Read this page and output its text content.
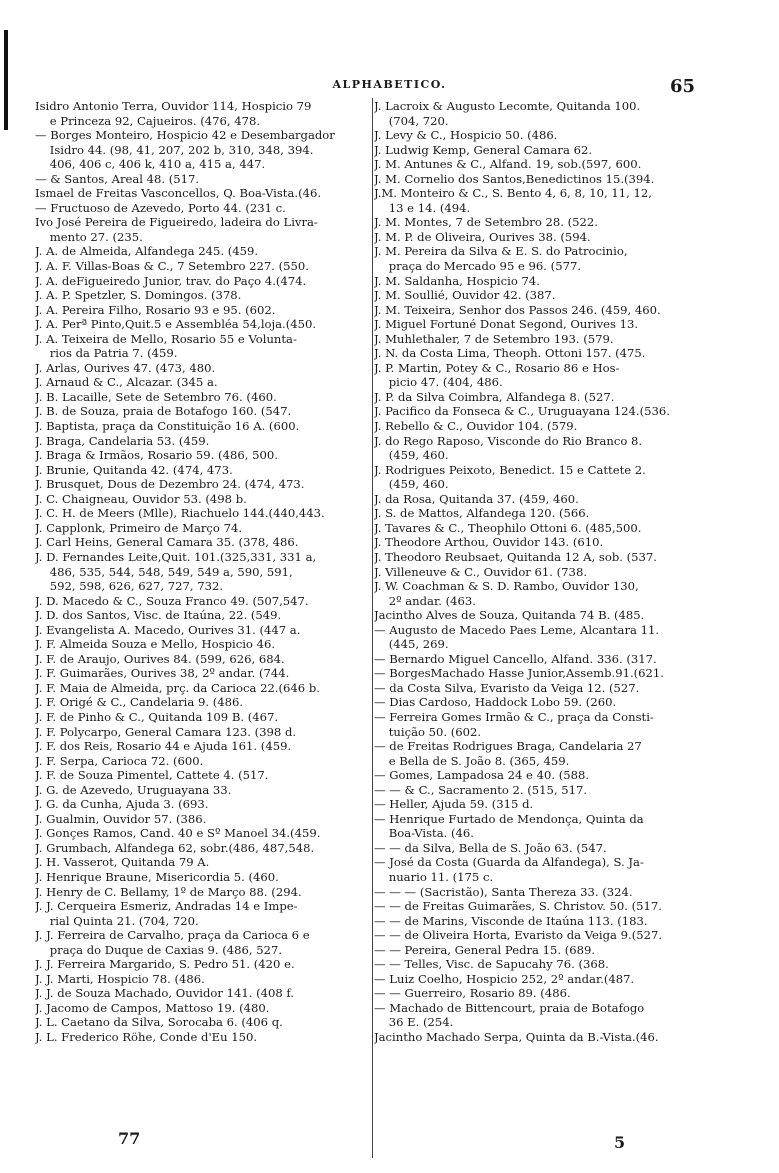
ALPHABETICO.	65
Isidro Antonio Terra, Ouvidor 114, Hospicio 79
e Princeza 92, Cajueiros. (476, 478.
— Borges Monteiro, Hospicio 42 e Desembargador
Isidro 44. (98, 41, 207, 202 b, 310, 348, 394.
406, 406 c, 406 k, 410 a, 415 a, 447.
— & Santos, Areal 48. (517.
Ismael de Freitas Vasconcellos, Q. Boa-Vista.(46.
— Fructuoso de Azevedo, Porto 44. (231 c.
Ivo José Pereira de Figueiredo, ladeira do Livra-
mento 27. (235.
J. A. de Almeida, Alfandega 245. (459.
J. A. F. Villas-Boas & C., 7 Setembro 227. (550.
J. A. deFigueiredo Junior, trav. do Paço 4.(474.
J. A. P. Spetzler, S. Domingos. (378.
J. A. Pereira Filho, Rosario 93 e 95. (602.
J. A. Perª Pinto,Quit.5 e Assembléa 54,loja.(450.
J. A. Teixeira de Mello, Rosario 55 e Volunta-
rios da Patria 7. (459.
J. Arlas, Ourives 47. (473, 480.
J. Arnaud & C., Alcazar. (345 a.
J. B. Lacaille, Sete de Setembro 76. (460.
J. B. de Souza, praia de Botafogo 160. (547.
J. Baptista, praça da Constituição 16 A. (600.
J. Braga, Candelaria 53. (459.
J. Braga & Irmãos, Rosario 59. (486, 500.
J. Brunie, Quitanda 42. (474, 473.
J. Brusquet, Dous de Dezembro 24. (474, 473.
J. C. Chaigneau, Ouvidor 53. (498 b.
J. C. H. de Meers (Mlle), Riachuelo 144.(440,443.
J. Capplonk, Primeiro de Março 74.
J. Carl Heins, General Camara 35. (378, 486.
J. D. Fernandes Leite,Quit. 101.(325,331, 331 a,
486, 535, 544, 548, 549, 549 a, 590, 591,
592, 598, 626, 627, 727, 732.
J. D. Macedo & C., Souza Franco 49. (507,547.
J. D. dos Santos, Visc. de Itaúna, 22. (549.
J. Evangelista A. Macedo, Ourives 31. (447 a.
J. F. Almeida Souza e Mello, Hospicio 46.
J. F. de Araujo, Ourives 84. (599, 626, 684.
J. F. Guimarães, Ourives 38, 2º andar. (744.
J. F. Maia de Almeida, prç. da Carioca 22.(646 b.
J. F. Origé & C., Candelaria 9. (486.
J. F. de Pinho & C., Quitanda 109 B. (467.
J. F. Polycarpo, General Camara 123. (398 d.
J. F. dos Reis, Rosario 44 e Ajuda 161. (459.
J. F. Serpa, Carioca 72. (600.
J. F. de Souza Pimentel, Cattete 4. (517.
J. G. de Azevedo, Uruguayana 33.
J. G. da Cunha, Ajuda 3. (693.
J. Gualmin, Ouvidor 57. (386.
J. Gonçes Ramos, Cand. 40 e Sº Manoel 34.(459.
J. Grumbach, Alfandega 62, sobr.(486, 487,548.
J. H. Vasserot, Quitanda 79 A.
J. Henrique Braune, Misericordia 5. (460.
J. Henry de C. Bellamy, 1º de Março 88. (294.
J. J. Cerqueira Esmeriz, Andradas 14 e Impe-
rial Quinta 21. (704, 720.
J. J. Ferreira de Carvalho, praça da Carioca 6 e
praça do Duque de Caxias 9. (486, 527.
J. J. Ferreira Margarido, S. Pedro 51. (420 e.
J. J. Marti, Hospicio 78. (486.
J. J. de Souza Machado, Ouvidor 141. (408 f.
J. Jacomo de Campos, Mattoso 19. (480.
J. L. Caetano da Silva, Sorocaba 6. (406 q.
J. L. Frederico Röhe, Conde d'Eu 150.
J. Lacroix & Augusto Lecomte, Quitanda 100.
(704, 720.
J. Levy & C., Hospicio 50. (486.
J. Ludwig Kemp, General Camara 62.
J. M. Antunes & C., Alfand. 19, sob.(597, 600.
J. M. Cornelio dos Santos,Benedictinos 15.(394.
J.M. Monteiro & C., S. Bento 4, 6, 8, 10, 11, 12,
13 e 14. (494.
J. M. Montes, 7 de Setembro 28. (522.
J. M. P. de Oliveira, Ourives 38. (594.
J. M. Pereira da Silva & E. S. do Patrocinio,
praça do Mercado 95 e 96. (577.
J. M. Saldanha, Hospicio 74.
J. M. Soullié, Ouvidor 42. (387.
J. M. Teixeira, Senhor dos Passos 246. (459, 460.
J. Miguel Fortuné Donat Segond, Ourives 13.
J. Muhlethaler, 7 de Setembro 193. (579.
J. N. da Costa Lima, Theoph. Ottoni 157. (475.
J. P. Martin, Potey & C., Rosario 86 e Hos-
picio 47. (404, 486.
J. P. da Silva Coimbra, Alfandega 8. (527.
J. Pacifico da Fonseca & C., Uruguayana 124.(536.
J. Rebello & C., Ouvidor 104. (579.
J. do Rego Raposo, Visconde do Rio Branco 8.
(459, 460.
J. Rodrigues Peixoto, Benedict. 15 e Cattete 2.
(459, 460.
J. da Rosa, Quitanda 37. (459, 460.
J. S. de Mattos, Alfandega 120. (566.
J. Tavares & C., Theophilo Ottoni 6. (485,500.
J. Theodore Arthou, Ouvidor 143. (610.
J. Theodoro Reubsaet, Quitanda 12 A, sob. (537.
J. Villeneuve & C., Ouvidor 61. (738.
J. W. Coachman & S. D. Rambo, Ouvidor 130,
2º andar. (463.
Jacintho Alves de Souza, Quitanda 74 B. (485.
— Augusto de Macedo Paes Leme, Alcantara 11.
(445, 269.
— Bernardo Miguel Cancello, Alfand. 336. (317.
— BorgesMachado Hasse Junior,Assemb.91.(621.
— da Costa Silva, Evaristo da Veiga 12. (527.
— Dias Cardoso, Haddock Lobo 59. (260.
— Ferreira Gomes Irmão & C., praça da Consti-
tuição 50. (602.
— de Freitas Rodrigues Braga, Candelaria 27
e Bella de S. João 8. (365, 459.
— Gomes, Lampadosa 24 e 40. (588.
— — & C., Sacramento 2. (515, 517.
— Heller, Ajuda 59. (315 d.
— Henrique Furtado de Mendonça, Quinta da
Boa-Vista. (46.
— — da Silva, Bella de S. João 63. (547.
— José da Costa (Guarda da Alfandega), S. Ja-
nuario 11. (175 c.
— — — (Sacristão), Santa Thereza 33. (324.
— — de Freitas Guimarães, S. Christov. 50. (517.
— — de Marins, Visconde de Itaúna 113. (183.
— — de Oliveira Horta, Evaristo da Veiga 9.(527.
— — Pereira, General Pedra 15. (689.
— — Telles, Visc. de Sapucahy 76. (368.
— Luiz Coelho, Hospicio 252, 2º andar.(487.
— — Guerreiro, Rosario 89. (486.
— Machado de Bittencourt, praia de Botafogo
36 E. (254.
Jacintho Machado Serpa, Quinta da B.-Vista.(46.
77	5
